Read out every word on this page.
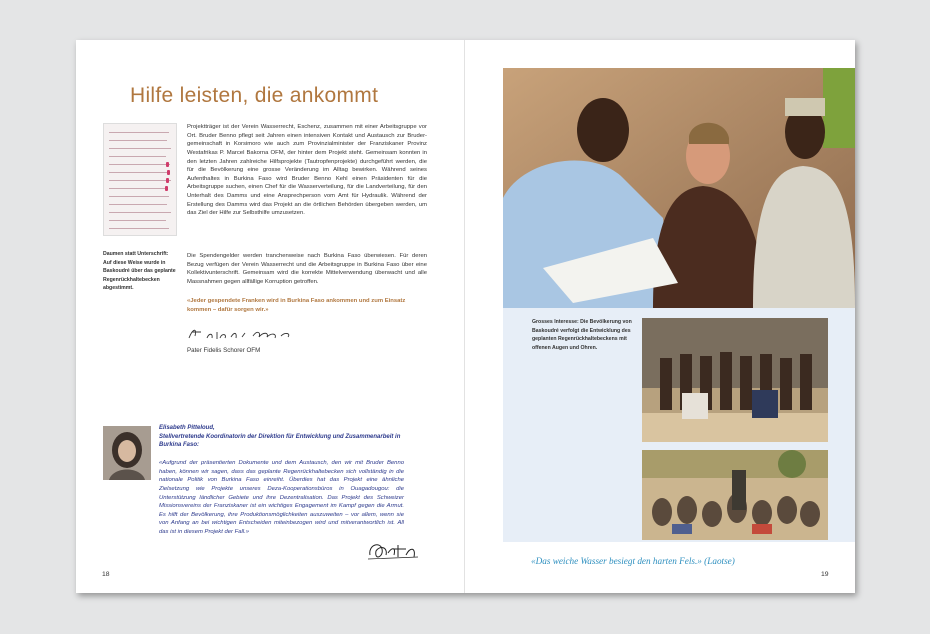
Hilfe leisten, die ankommt
Daumen statt Unterschrift: Auf diese Weise wurde in Baskoudré über das geplante Regenrückhaltebecken abgestimmt.
Projektträger ist der Verein Wasserrecht, Eschenz, zusammen mit einer Arbeitsgruppe vor Ort. Bruder Benno pflegt seit Jahren einen intensiven Kontakt und Austausch zur Brudergemeinschaft in Korsimoro wie auch zum Provinzialminister der Franziskaner Provinz Westafrikas P. Marcel Bakorna OFM, der hinter dem Projekt steht. Gemeinsam konnten in den letzten Jahren zahlreiche Hilfsprojekte (Tautropfenprojekte) durchgeführt werden, die für die Bevölkerung eine grosse Veränderung im Alltag bewirken. Während seines Aufenthaltes in Burkina Faso wird Bruder Benno Kehl einen Präsidenten für die Arbeitsgruppe suchen, einen Chef für die Wasserverteilung, für die Landverteilung, für den Unterhalt des Damms und eine Ansprechperson vom Amt für Hydraulik. Während der Erstellung des Damms wird das Projekt an die örtlichen Behörden übergeben werden, um das Ziel der Hilfe zur Selbsthilfe umzusetzen.
Die Spendengelder werden tranchenweise nach Burkina Faso überwiesen. Für deren Bezug verfügen der Verein Wasserrecht und die Arbeitsgruppe in Burkina Faso über eine Kollektivunterschrift. Gemeinsam wird die korrekte Mittelverwendung überwacht und alle Massnahmen gegen allfällige Korruption getroffen.
«Jeder gespendete Franken wird in Burkina Faso ankommen und zum Einsatz kommen – dafür sorgen wir.»
Pater Fidelis Schorer OFM
Elisabeth Pitteloud,
Stellvertretende Koordinatorin der Direktion für Entwicklung und Zusammenarbeit in Burkina Faso:
«Aufgrund der präsentierten Dokumente und dem Austausch, den wir mit Bruder Benno haben, können wir sagen, dass das geplante Regenrückhaltebecken sich vollständig in die nationale Politik von Burkina Faso einreiht. Überdies hat das Projekt eine ähnliche Zielsetzung wie Projekte unseres Deza-Kooperationsbüros in Ouagadougou: die Unterstützung ländlicher Gebiete und ihre Dezentralisation. Das Projekt des Schweizer Missionsvereins der Franziskaner ist ein wichtiges Engagement im Kampf gegen die Armut. Es hilft der Bevölkerung, ihre Produktionsmöglichkeiten auszuweiten – vor allem, wenn sie von Anfang an bei wichtigen Entscheiden miteinbezogen wird und mitverantwortlich ist. All das ist in diesem Projekt der Fall.»
18
Grosses Interesse: Die Bevölkerung von Baskoudré verfolgt die Entwicklung des geplanten Regenrückhaltebeckens mit offenen Augen und Ohren.
«Das weiche Wasser besiegt den harten Fels.» (Laotse)
19
